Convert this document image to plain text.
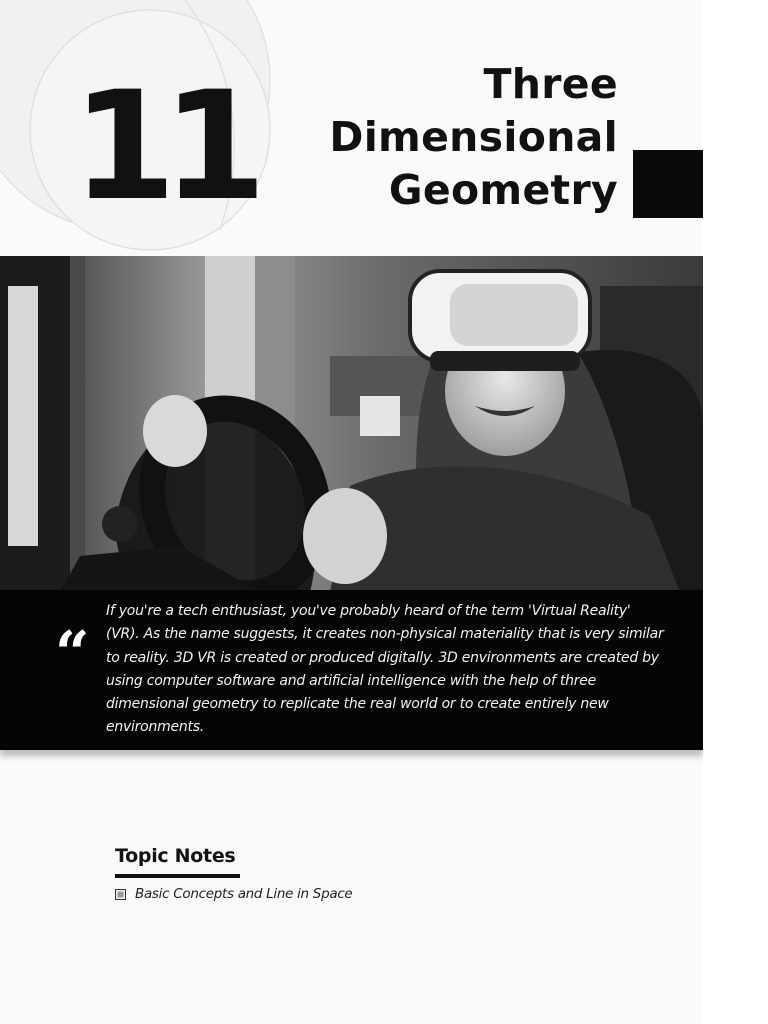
11	Three
Dimensional
Geometry
“
If you're a tech enthusiast, you've probably heard of the term 'Virtual Reality' (VR). As the name suggests, it creates non-physical materiality that is very similar to reality. 3D VR is created or produced digitally. 3D environments are created by using computer software and artificial intelligence with the help of three dimensional geometry to replicate the real world or to create entirely new environments.
Topic Notes
Basic Concepts and Line in Space
